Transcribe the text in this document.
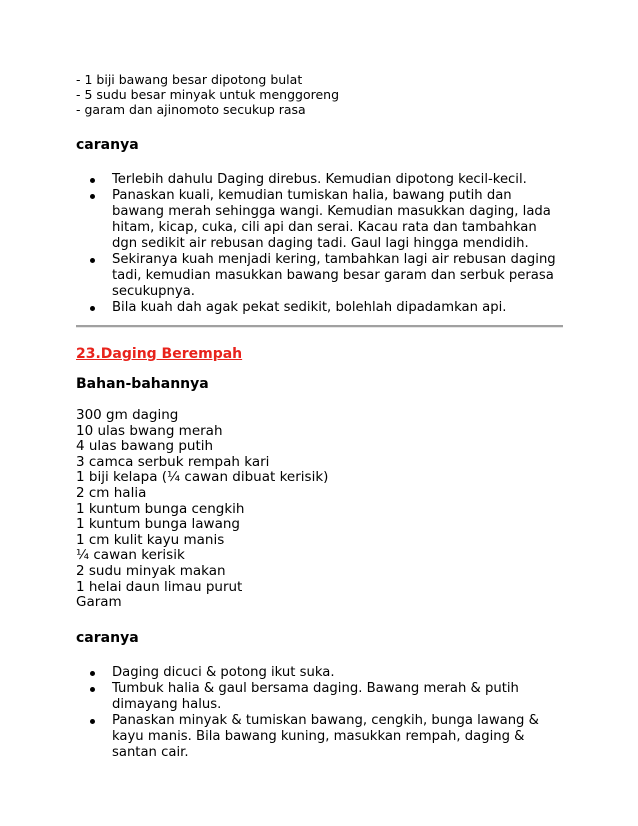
- 1 biji bawang besar dipotong bulat
- 5 sudu besar minyak untuk menggoreng
- garam dan ajinomoto secukup rasa
caranya
Terlebih dahulu Daging direbus. Kemudian dipotong kecil-kecil.
Panaskan kuali, kemudian tumiskan halia, bawang putih dan bawang merah sehingga wangi. Kemudian masukkan daging, lada hitam, kicap, cuka, cili api dan serai. Kacau rata dan tambahkan dgn sedikit air rebusan daging tadi. Gaul lagi hingga mendidih.
Sekiranya kuah menjadi kering, tambahkan lagi air rebusan daging tadi, kemudian masukkan bawang besar garam dan serbuk perasa secukupnya.
Bila kuah dah agak pekat sedikit, bolehlah dipadamkan api.
23.Daging Berempah
Bahan-bahannya
300 gm daging
10 ulas bwang merah
4 ulas bawang putih
3 camca serbuk rempah kari
1 biji kelapa (¼ cawan dibuat kerisik)
2 cm halia
1 kuntum bunga cengkih
1 kuntum bunga lawang
1 cm kulit kayu manis
¼ cawan kerisik
2 sudu minyak makan
1 helai daun limau purut
Garam
caranya
Daging dicuci & potong ikut suka.
Tumbuk halia & gaul bersama daging. Bawang merah & putih dimayang halus.
Panaskan minyak & tumiskan bawang, cengkih, bunga lawang & kayu manis. Bila bawang kuning, masukkan rempah, daging & santan cair.
